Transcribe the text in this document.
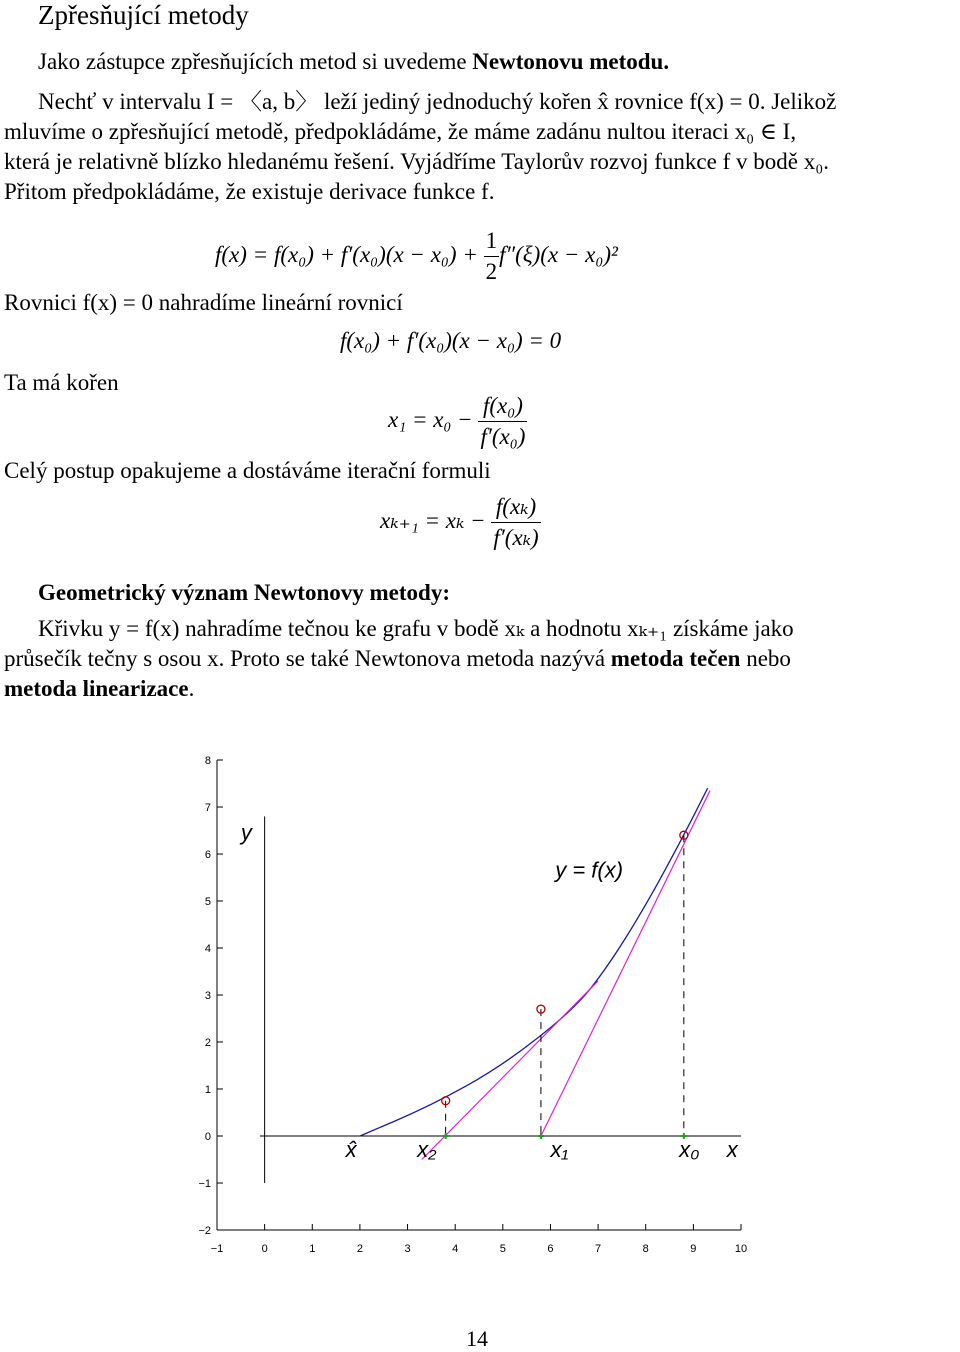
Zpřesňující metody
Jako zástupce zpřesňujících metod si uvedeme Newtonovu metodu.
Nechť v intervalu I = 〈a, b〉 leží jediný jednoduchý kořen x̂ rovnice f(x) = 0. Jelikož
mluvíme o zpřesňující metodě, předpokládáme, že máme zadánu nultou iteraci x₀ ∈ I,
která je relativně blízko hledanému řešení. Vyjádříme Taylorův rozvoj funkce f v bodě x₀.
Přitom předpokládáme, že existuje derivace funkce f.
$f(x) = f(x_0) + f'(x_0)(x - x_0) + \frac{1}{2} f''(\xi)(x - x_0)^2$
Rovnici f(x) = 0 nahradíme lineární rovnicí
f(x₀) + f′(x₀)(x − x₀) = 0
Ta má kořen
$x_1 = x_0 - \frac{\text{f(x₀)}}{\text{f′(x₀)}}$
Celý postup opakujeme a dostáváme iterační formuli
$x_{k+1} = x_k - \frac{\text{f(xₖ)}}{\text{f′(xₖ)}}$
Geometrický význam Newtonovy metody:
Křivku y = f(x) nahradíme tečnou ke grafu v bodě xₖ a hodnotu xₖ₊₁ získáme jako
průsečík tečny s osou x. Proto se také Newtonova metoda nazývá metoda tečen nebo
metoda linearizace.
8
7
6
5
4
3
2
1
0
−1
−2
−1	0	1	2	3	4	5	6	7	8	9	10
y
y = f(x)
x̂	x₂	x₁	x₀ x
14
